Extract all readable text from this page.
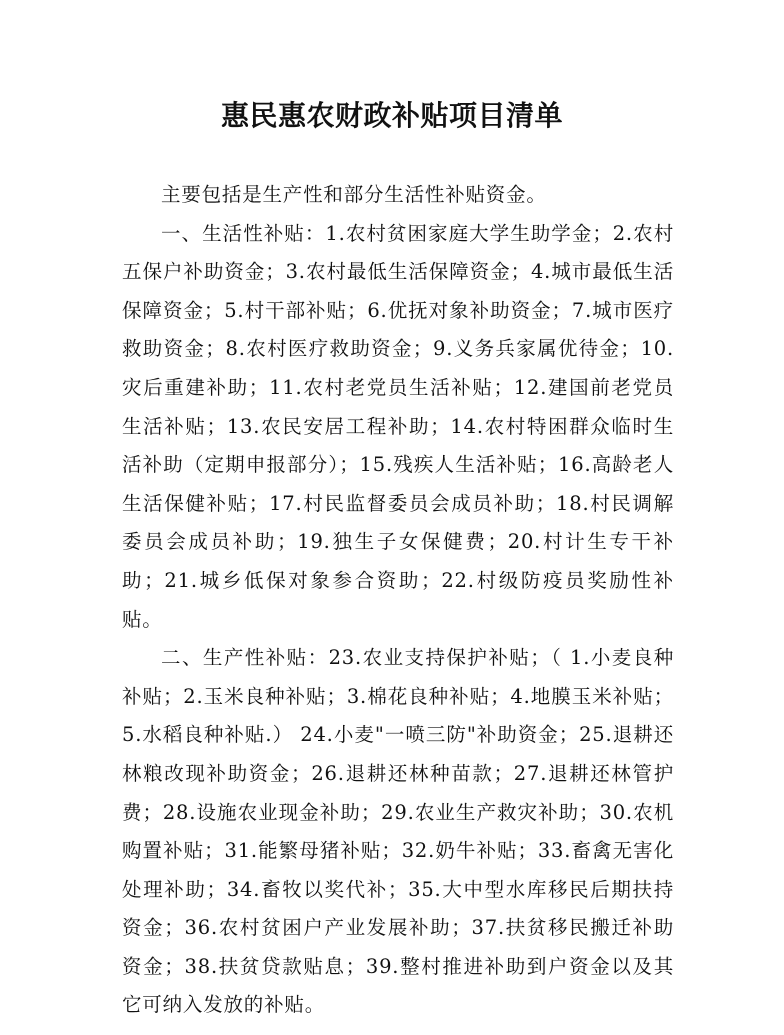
惠民惠农财政补贴项目清单

主要包括是生产性和部分生活性补贴资金。

一、生活性补贴：1.农村贫困家庭大学生助学金；2.农村五保户补助资金；3.农村最低生活保障资金；4.城市最低生活保障资金；5.村干部补贴；6.优抚对象补助资金；7.城市医疗救助资金；8.农村医疗救助资金；9.义务兵家属优待金；10.灾后重建补助；11.农村老党员生活补贴；12.建国前老党员生活补贴；13.农民安居工程补助；14.农村特困群众临时生活补助（定期申报部分）；15.残疾人生活补贴；16.高龄老人生活保健补贴；17.村民监督委员会成员补助；18.村民调解委员会成员补助；19.独生子女保健费；20.村计生专干补助；21.城乡低保对象参合资助；22.村级防疫员奖励性补贴。

二、生产性补贴：23.农业支持保护补贴；（ 1.小麦良种补贴；2.玉米良种补贴；3.棉花良种补贴；4.地膜玉米补贴；5.水稻良种补贴.） 24.小麦"一喷三防"补助资金；25.退耕还林粮改现补助资金；26.退耕还林种苗款；27.退耕还林管护费；28.设施农业现金补助；29.农业生产救灾补助；30.农机购置补贴；31.能繁母猪补贴；32.奶牛补贴；33.畜禽无害化处理补助；34.畜牧以奖代补；35.大中型水库移民后期扶持资金；36.农村贫困户产业发展补助；37.扶贫移民搬迁补助资金；38.扶贫贷款贴息；39.整村推进补助到户资金以及其它可纳入发放的补贴。
